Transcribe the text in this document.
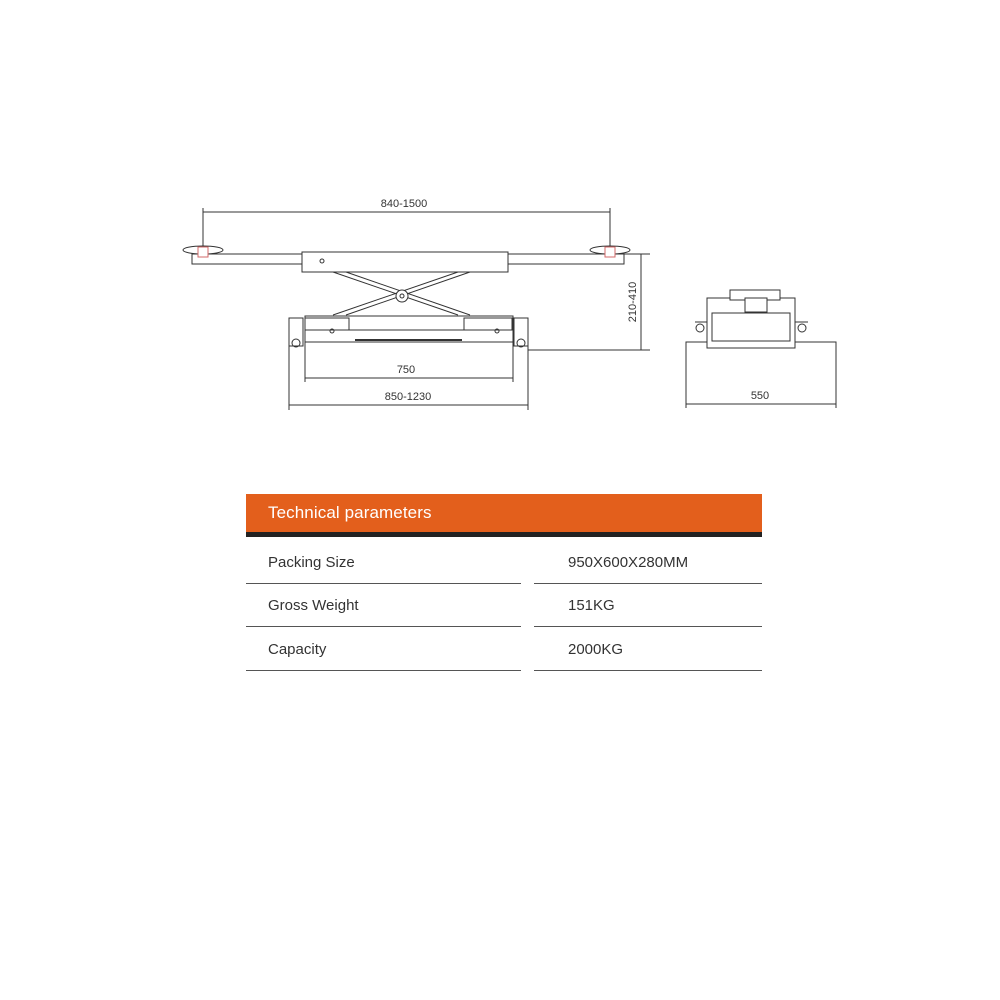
840-1500
210-410
750
850-1230	550
Technical parameters
Packing Size	950X600X280MM
Gross Weight	151KG
Capacity	2000KG
